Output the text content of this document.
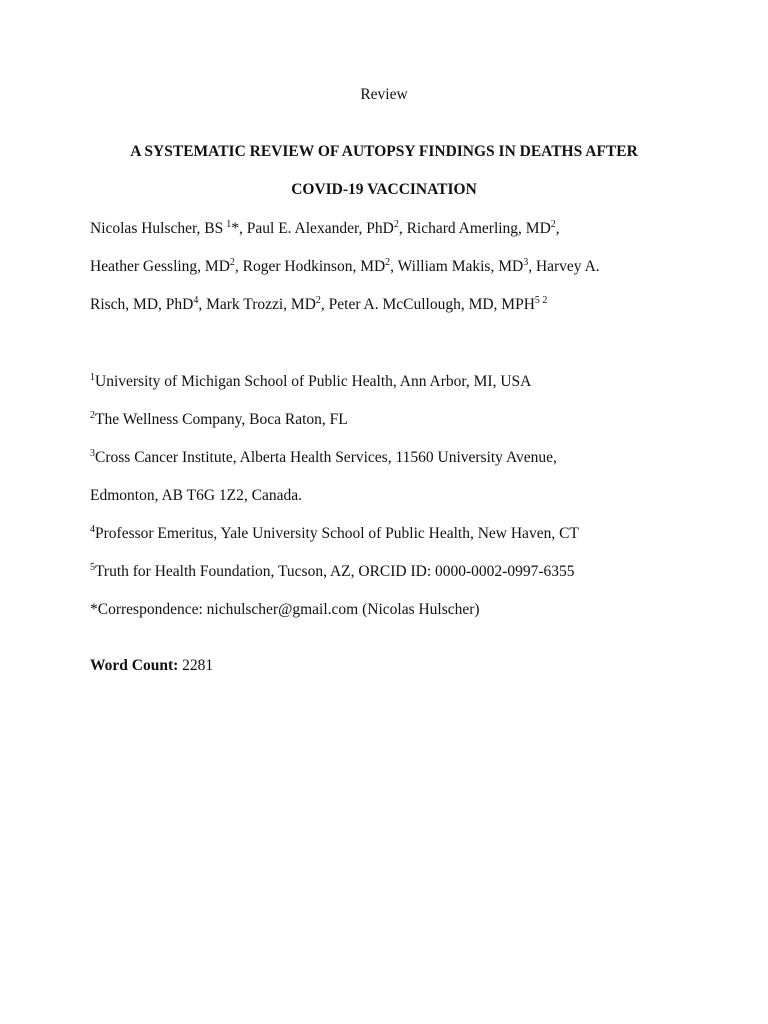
Review
A SYSTEMATIC REVIEW OF AUTOPSY FINDINGS IN DEATHS AFTER
COVID-19 VACCINATION
Nicolas Hulscher, BS $^1$*, Paul E. Alexander, PhD$^2$, Richard Amerling, $MD^2$,
Heather Gessling, $MD^2$, Roger Hodkinson, $MD^2$, William Makis, $MD^3$, Harvey A.
Risch, MD, PhD$^4$, Mark Trozzi, $MD^2$, Peter A. McCullough, MD, $MPH^{5 2}$
$^1$University of Michigan School of Public Health, Ann Arbor, MI, USA
$^2$The Wellness Company, Boca Raton, FL
$^3$Cross Cancer Institute, Alberta Health Services, 11560 University Avenue,
Edmonton, AB T6G 1Z2, Canada.
$^4$Professor Emeritus, Yale University School of Public Health, New Haven, CT
$^5$Truth for Health Foundation, Tucson, AZ, ORCID ID: 0000-0002-0997-6355
*Correspondence: nichulscher@gmail.com (Nicolas Hulscher)
Word Count: 2281
